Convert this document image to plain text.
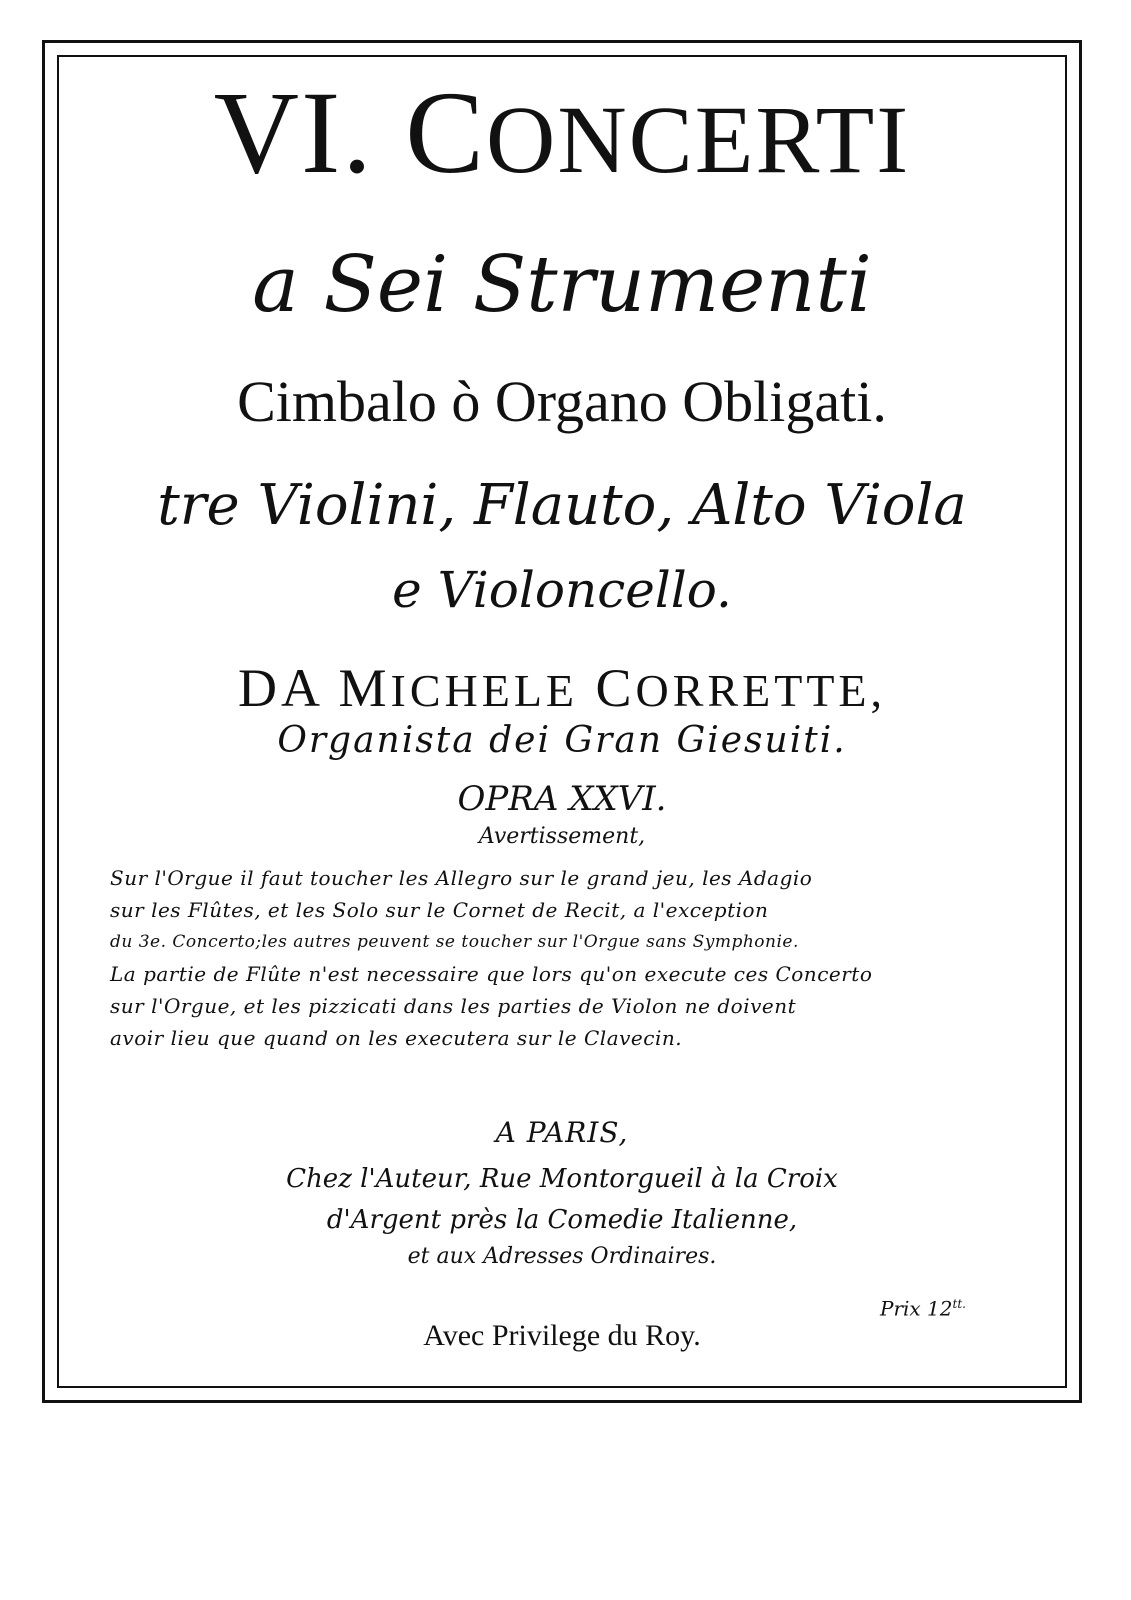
VI. CONCERTI
a Sei Strumenti
Cimbalo ò Organo Obligati.
tre Violini, Flauto, Alto Viola
e Violoncello.
DA MICHELE CORRETTE,
Organista dei Gran Giesuiti.
OPRA XXVI.
Avertissement,
Sur l'Orgue il faut toucher les Allegro sur le grand jeu, les Adagio
sur les Flûtes, et les Solo sur le Cornet de Recit, a l'exception
du 3e. Concerto;les autres peuvent se toucher sur l'Orgue sans Symphonie.
La partie de Flûte n'est necessaire que lors qu'on execute ces Concerto
sur l'Orgue, et les pizzicati dans les parties de Violon ne doivent
avoir lieu que quand on les executera sur le Clavecin.
A PARIS,
Chez l'Auteur, Rue Montorgueil à la Croix
d'Argent près la Comedie Italienne,
et aux Adresses Ordinaires.
Prix $12^{tt.}$
Avec Privilege du Roy.
